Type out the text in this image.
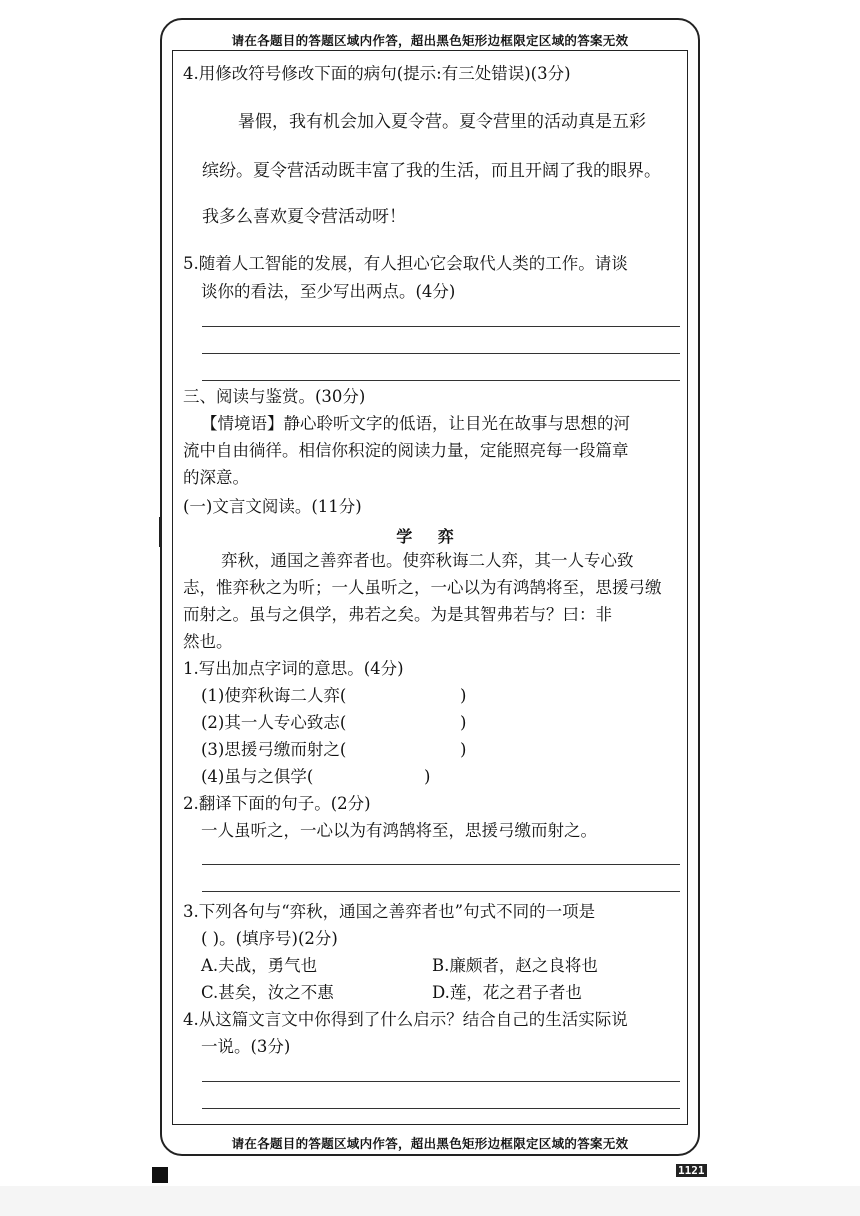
请在各题目的答题区域内作答，超出黑色矩形边框限定区域的答案无效
4.用修改符号修改下面的病句(提示:有三处错误)(3分)
暑假，我有机会加入夏令营。夏令营里的活动真是五彩
缤纷。夏令营活动既丰富了我的生活，而且开阔了我的眼界。
我多么喜欢夏令营活动呀！
5.随着人工智能的发展，有人担心它会取代人类的工作。请谈
谈你的看法，至少写出两点。(4分)
三、阅读与鉴赏。(30分)
【情境语】静心聆听文字的低语，让目光在故事与思想的河
流中自由徜徉。相信你积淀的阅读力量，定能照亮每一段篇章
的深意。
(一)文言文阅读。(11分)
学 弈
弈秋，通国之善弈者也。使弈秋诲二人弈，其一人专心致
志，惟弈秋之为听；一人虽听之，一心以为有鸿鹄将至，思援弓缴
而射之。虽与之俱学，弗若之矣。为是其智弗若与？曰：非
然也。
1.写出加点字词的意思。(4分)
(1)使弈秋诲二人弈(	)
(2)其一人专心致志(	)
(3)思援弓缴而射之(	)
(4)虽与之俱学(	)
2.翻译下面的句子。(2分)
一人虽听之，一心以为有鸿鹄将至，思援弓缴而射之。
3.下列各句与“弈秋，通国之善弈者也”句式不同的一项是
( )。(填序号)(2分)
A.夫战，勇气也	B.廉颇者，赵之良将也
C.甚矣，汝之不惠	D.莲，花之君子者也
4.从这篇文言文中你得到了什么启示？结合自己的生活实际说
一说。(3分)
请在各题目的答题区域内作答，超出黑色矩形边框限定区域的答案无效
1121
